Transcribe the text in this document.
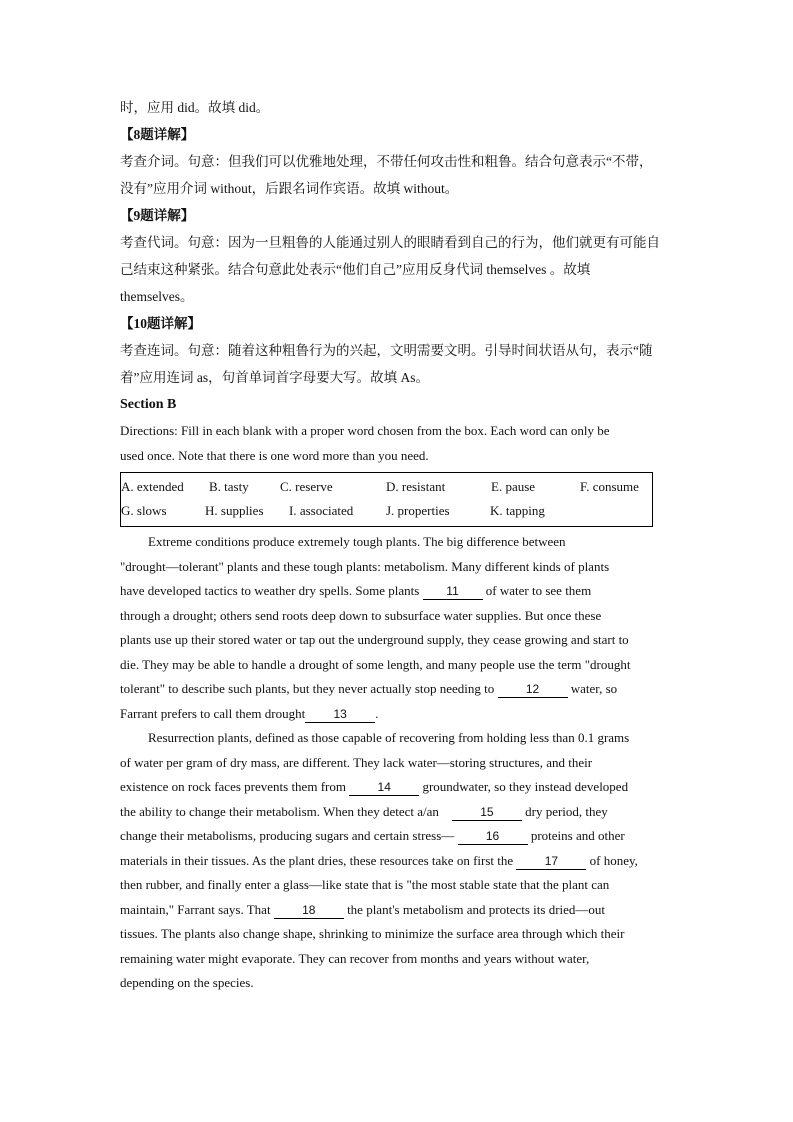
时，应用 did。故填 did。

【8题详解】

考查介词。句意：但我们可以优雅地处理，不带任何攻击性和粗鲁。结合句意表示“不带，

没有”应用介词 without，后跟名词作宾语。故填 without。

【9题详解】

考查代词。句意：因为一旦粗鲁的人能通过别人的眼睛看到自己的行为，他们就更有可能自

己结束这种紧张。结合句意此处表示“他们自己”应用反身代词 themselves 。故填

themselves。

【10题详解】

考查连词。句意：随着这种粗鲁行为的兴起，文明需要文明。引导时间状语从句，表示“随

着”应用连词 as，句首单词首字母要大写。故填 As。

Section B

Directions: Fill in each blank with a proper word chosen from the box. Each word can only be

used once. Note that there is one word more than you need.

A. extended	B. tasty	C. reserve	D. resistant	E. pause	F. consume
G. slows	H. supplies	I. associated	J. properties	K. tapping

Extreme conditions produce extremely tough plants. The big difference between

"drought—tolerant" plants and these tough plants: metabolism. Many different kinds of plants

have developed tactics to weather dry spells. Some plants 11 of water to see them

through a drought; others send roots deep down to subsurface water supplies. But once these

plants use up their stored water or tap out the underground supply, they cease growing and start to

die. They may be able to handle a drought of some length, and many people use the term "drought

tolerant" to describe such plants, but they never actually stop needing to	12 water, so

Farrant prefers to call them drought 13 .

Resurrection plants, defined as those capable of recovering from holding less than 0.1 grams

of water per gram of dry mass, are different. They lack water—storing structures, and their

existence on rock faces prevents them from	14 groundwater, so they instead developed

the ability to change their metabolism. When they detect a/an	15 dry period, they

change their metabolisms, producing sugars and certain stress—	16 proteins and other

materials in their tissues. As the plant dries, these resources take on first the	17 of honey,

then rubber, and finally enter a glass—like state that is "the most stable state that the plant can

maintain," Farrant says. That	18 the plant's metabolism and protects its dried—out

tissues. The plants also change shape, shrinking to minimize the surface area through which their

remaining water might evaporate. They can recover from months and years without water,

depending on the species.
